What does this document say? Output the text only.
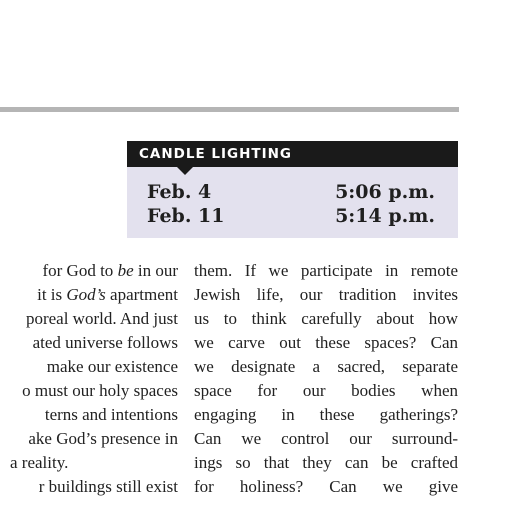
CANDLE LIGHTING
Feb. 4	5:06 p.m.
Feb. 11	5:14 p.m.
for God to be in our
it is God’s apartment
poreal world. And just
ated universe follows
make our existence
o must our holy spaces
terns and intentions
ake God’s presence in
a reality.
r buildings still exist
them. If we participate in remote
Jewish life, our tradition invites
us to think carefully about how
we carve out these spaces? Can
we designate a sacred, separate
space for our bodies when
engaging in these gatherings?
Can we control our surround-
ings so that they can be crafted
for holiness? Can we give
